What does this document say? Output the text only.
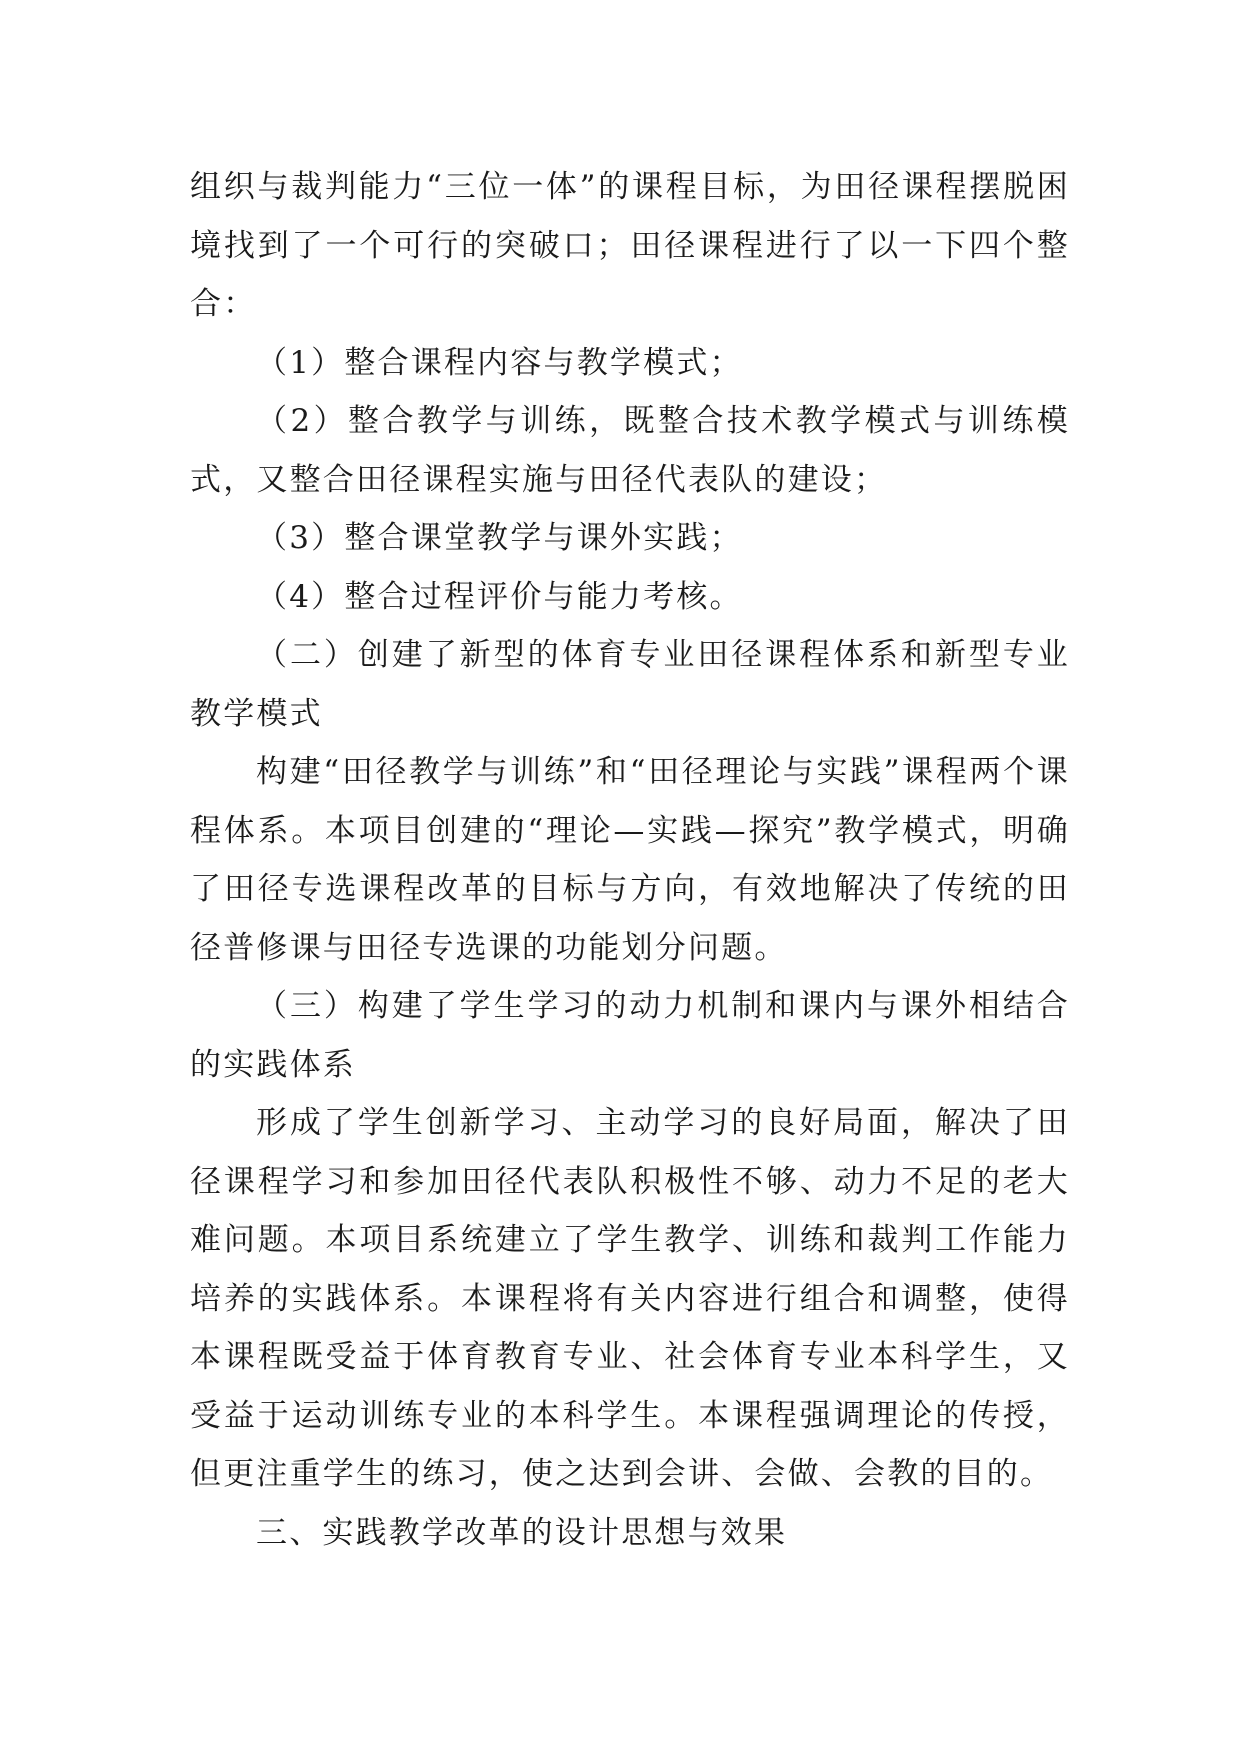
组织与裁判能力“三位一体”的课程目标，为田径课程摆脱困境找到了一个可行的突破口；田径课程进行了以一下四个整合：

（1）整合课程内容与教学模式；

（2）整合教学与训练，既整合技术教学模式与训练模式，又整合田径课程实施与田径代表队的建设；

（3）整合课堂教学与课外实践；

（4）整合过程评价与能力考核。

（二）创建了新型的体育专业田径课程体系和新型专业教学模式

构建“田径教学与训练”和“田径理论与实践”课程两个课程体系。本项目创建的“理论—实践—探究”教学模式，明确了田径专选课程改革的目标与方向，有效地解决了传统的田径普修课与田径专选课的功能划分问题。

（三）构建了学生学习的动力机制和课内与课外相结合的实践体系

形成了学生创新学习、主动学习的良好局面，解决了田径课程学习和参加田径代表队积极性不够、动力不足的老大难问题。本项目系统建立了学生教学、训练和裁判工作能力培养的实践体系。本课程将有关内容进行组合和调整，使得本课程既受益于体育教育专业、社会体育专业本科学生，又受益于运动训练专业的本科学生。本课程强调理论的传授，但更注重学生的练习，使之达到会讲、会做、会教的目的。

三、实践教学改革的设计思想与效果
